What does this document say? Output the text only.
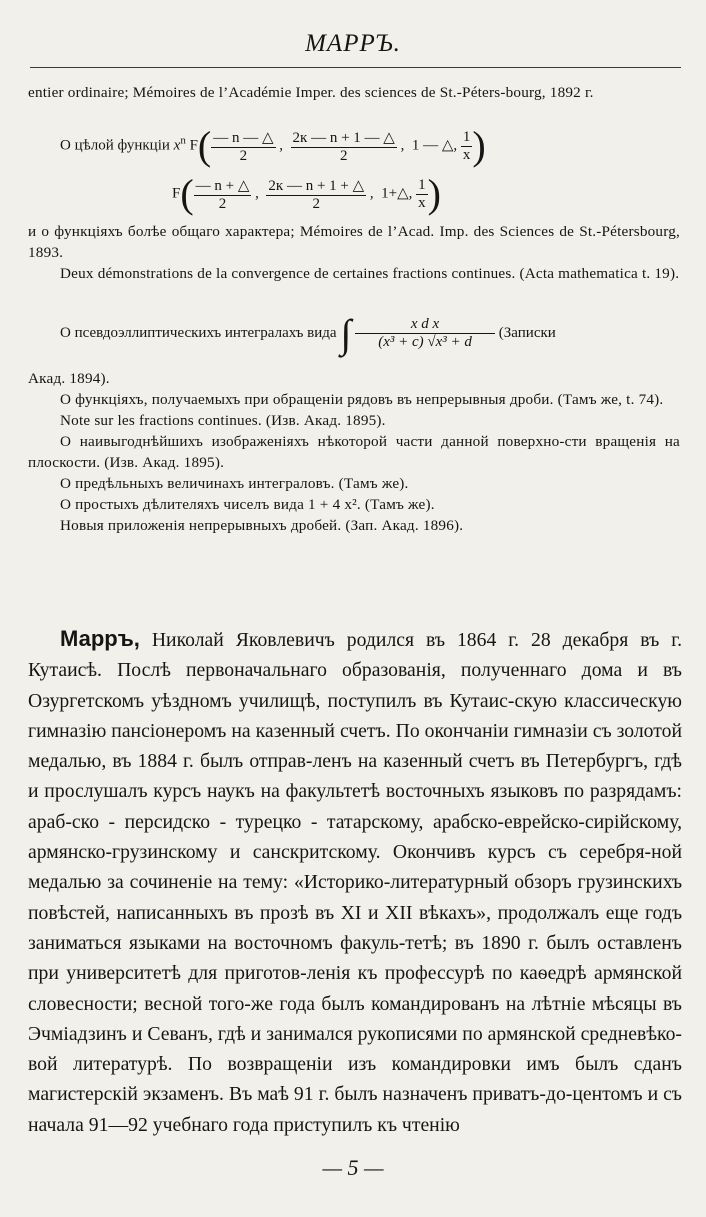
МАРРЪ.

entier ordinaire; Mémoires de l’Académie Imper. des sciences de St.-Péters-bourg, 1892 г.

О цѣлой функціи $x^n$ $F( \frac{— n — \triangle}{2}$ , $\frac{2к — n + 1 — \triangle}{2}$ ,  1 — △, $\frac{1}{x}$ )
$F( \frac{— n + \triangle}{2}$ , $\frac{2к — n + 1 + \triangle}{2}$ ,  1+△, $\frac{1}{x}$ )

и о функціяхъ болѣе общаго характера; Mémoires de l’Acad. Imp. des Sciences de St.-Pétersbourg, 1893.

Deux démonstrations de la convergence de certaines fractions continues. (Acta mathematica t. 19).

О псевдоэллиптическихъ интегралахъ вида ∫ $\frac{\text{x d x}}{\text{(x³ + c) √x³ + d}}$ (Записки

Акад. 1894).

О функціяхъ, получаемыхъ при обращеніи рядовъ въ непрерывныя дроби. (Тамъ же, t. 74).

Note sur les fractions continues. (Изв. Акад. 1895).

О наивыгоднѣйшихъ изображеніяхъ нѣкоторой части данной поверхно-сти вращенія на плоскости. (Изв. Акад. 1895).

О предѣльныхъ величинахъ интеграловъ. (Тамъ же).

О простыхъ дѣлителяхъ чиселъ вида 1 + 4 x². (Тамъ же).

Новыя приложенія непрерывныхъ дробей. (Зап. Акад. 1896).

Марръ, Николай Яковлевичъ родился въ 1864 г. 28 декабря въ г. Кутаисѣ. Послѣ первоначальнаго образованія, полученнаго дома и въ Озургетскомъ уѣздномъ училищѣ, поступилъ въ Кутаис-скую классическую гимназію пансіонеромъ на казенный счетъ. По окончаніи гимназіи съ золотой медалью, въ 1884 г. былъ отправ-ленъ на казенный счетъ въ Петербургъ, гдѣ и прослушалъ курсъ наукъ на факультетѣ восточныхъ языковъ по разрядамъ: араб-ско - персидско - турецко - татарскому, арабско-еврейско-сирійскому, армянско-грузинскому и санскритскому. Окончивъ курсъ съ серебря-ной медалью за сочиненіе на тему: «Историко-литературный обзоръ грузинскихъ повѣстей, написанныхъ въ прозѣ въ XI и XII вѣкахъ», продолжалъ еще годъ заниматься языками на восточномъ факуль-тетѣ; въ 1890 г. былъ оставленъ при университетѣ для приготов-ленія къ профессурѣ по каѳедрѣ армянской словесности; весной того-же года былъ командированъ на лѣтніе мѣсяцы въ Эчміадзинъ и Севанъ, гдѣ и занимался рукописями по армянской средневѣко-вой литературѣ. По возвращеніи изъ командировки имъ былъ сданъ магистерскій экзаменъ. Въ маѣ 91 г. былъ назначенъ приватъ-до-центомъ и съ начала 91—92 учебнаго года приступилъ къ чтенію

— 5 —
